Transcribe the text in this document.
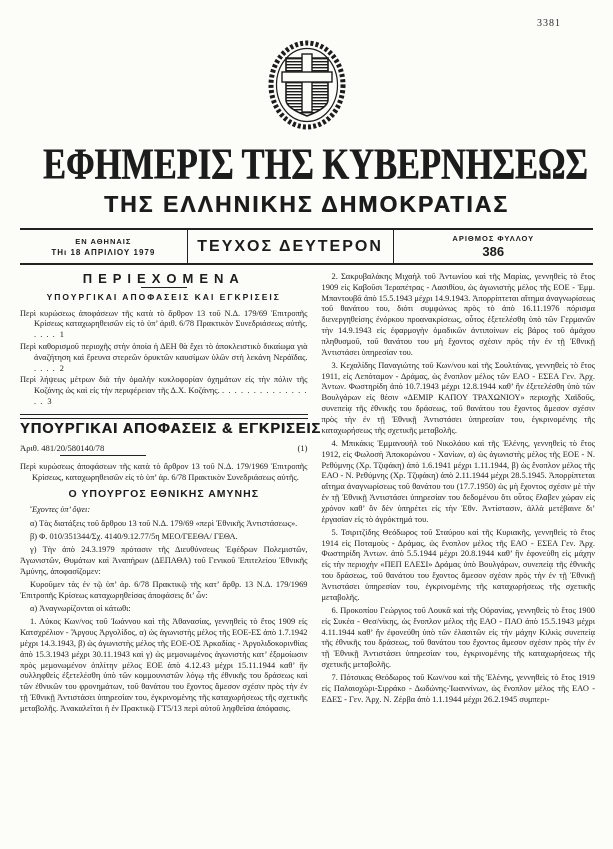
3381
ΕΦΗΜΕΡΙΣ ΤΗΣ ΚΥΒΕΡΝΗΣΕΩΣ
ΤΗΣ ΕΛΛΗΝΙΚΗΣ ΔΗΜΟΚΡΑΤΙΑΣ
ΕΝ ΑΘΗΝΑΙΣ
ΤΗι 18 ΑΠΡΙΛΙΟΥ 1979	ΤΕΥΧΟΣ ΔΕΥΤΕΡΟΝ	ΑΡΙΘΜΟΣ ΦΥΛΛΟΥ
386
ΠΕΡΙΕΧΟΜΕΝΑ
ΥΠΟΥΡΓΙΚΑΙ ΑΠΟΦΑΣΕΙΣ ΚΑΙ ΕΓΚΡΙΣΕΙΣ
Περὶ κυρώσεως ἀποφάσεων τῆς κατὰ τὸ ἄρθρον 13 τοῦ Ν.Δ. 179/69 Ἐπιτροπῆς Κρίσεως καταχωρηθεισῶν εἰς τὸ ὑπ’ ἀριθ. 6/78 Πρακτικὸν Συνεδριάσεως αὐτῆς. . . . . 1
Περὶ καθορισμοῦ περιοχῆς στὴν ὁποία ἡ ΔΕΗ θὰ ἔχει τὸ ἀποκλειστικὸ δικαίωμα γιὰ ἀναζήτηση καὶ ἔρευνα στερεῶν ὀρυκτῶν καυσίμων ὑλῶν στὴ λεκάνη Νεράϊδας. . . . . 2
Περὶ λήψεως μέτρων διὰ τὴν ὁμαλὴν κυκλοφορίαν ὀχημάτων εἰς τὴν πόλιν τῆς Κοζάνης ὡς καὶ εἰς τὴν περιφέρειαν τῆς Δ.Χ. Κοζάνης. . . . . . . . . . . . . . . . . 3
ΥΠΟΥΡΓΙΚΑΙ ΑΠΟΦΑΣΕΙΣ & ΕΓΚΡΙΣΕΙΣ
Ἀριθ. 481/20/580140/78	(1)

Περὶ κυρώσεως ἀποφάσεων τῆς κατὰ τὸ ἄρθρον 13 τοῦ Ν.Δ. 179/1969 Ἐπιτροπῆς Κρίσεως, καταχωρηθεισῶν εἰς τὸ ὑπ’ ἀρ. 6/78 Πρακτικὸν Συνεδριάσεως αὐτῆς.

Ο ΥΠΟΥΡΓΟΣ ΕΘΝΙΚΗΣ ΑΜΥΝΗΣ

Ἔχοντες ὑπ’ ὄψει:

α) Τὰς διατάξεις τοῦ ἄρθρου 13 τοῦ Ν.Δ. 179/69 «περὶ Ἐθνικῆς Ἀντιστάσεως».

β) Φ. 010/351344/Σχ. 4140/9.12.77/5η ΜΕΟ/ΓΕΕΘΑ/ ΓΕΘΑ.

γ) Τὴν ἀπὸ 24.3.1979 πρότασιν τῆς Διευθύνσεως Ἐφέδρων Πολεμιστῶν, Ἀγωνιστῶν, Θυμάτων καὶ Ἀναπήρων (ΔΕΠΑΘΑ) τοῦ Γενικοῦ Ἐπιτελείου Ἐθνικῆς Ἀμύνης, ἀποφασίζομεν:

Κυροῦμεν τὰς ἐν τῷ ὑπ’ ἀρ. 6/78 Πρακτικῷ τῆς κατ’ ἄρθρ. 13 Ν.Δ. 179/1969 Ἐπιτροπῆς Κρίσεως καταχωρηθείσας ἀποφάσεις δι’ ὧν:

α) Ἀναγνωρίζονται οἱ κάτωθι:

1. Λύκος Κων/νος τοῦ Ἰωάννου καὶ τῆς Ἀθανασίας, γεννηθεὶς τὸ ἔτος 1909 εἰς Κατσχρέλιον - Ἄργους Ἀργολίδος, α) ὡς ἀγωνιστὴς μέλος τῆς ΕΟΕ-ΕΣ ἀπὸ 1.7.1942 μέχρι 14.3.1943, β) ὡς ἀγωνιστὴς μέλος τῆς ΕΟΕ-ΟΣ Ἀρκαδίας - Ἀργολιδοκορινθίας ἀπὸ 15.3.1943 μέχρι 30.11.1943 καὶ γ) ὡς μεμονωμένος ἀγωνιστὴς κατ’ ἐξομοίωσιν πρὸς μεμονωμένον ὁπλίτην μέλος ΕΟΕ ἀπὸ 4.12.43 μέχρι 15.11.1944 καθ’ ἣν συλληφθεὶς ἐξετελέσθη ὑπὸ τῶν κομμουνιστῶν λόγῳ τῆς ἐθνικῆς του δράσεως καὶ τῶν ἐθνικῶν του φρονημάτων, τοῦ θανάτου του ἔχοντος ἄμεσον σχέσιν πρὸς τὴν ἐν τῇ Ἐθνικῇ Ἀντιστάσει ὑπηρεσίαν του, ἐγκρινομένης τῆς καταχωρήσεως τῆς σχετικῆς μεταβολῆς. Ἀνακαλεῖται ἡ ἐν Πρακτικῷ ΓΤ5/13 περὶ αὐτοῦ ληφθεῖσα ἀπόφασις.

2. Σακρυβαλάκης Μιχαὴλ τοῦ Ἀντωνίου καὶ τῆς Μαρίας, γεννηθεὶς τὸ ἔτος 1909 εἰς Καβοῦσι Ἱεραπέτρας - Λασιθίου, ὡς ἀγωνιστὴς μέλος τῆς ΕΟΕ - Ἐμμ. Μπαντουβᾶ ἀπὸ 15.5.1943 μέχρι 14.9.1943. Ἀπορρίπτεται αἴτημα ἀναγνωρίσεως τοῦ θανάτου του, διότι συμφώνως πρὸς τὸ ἀπὸ 16.11.1976 πόρισμα διενεργηθείσης ἐνόρκου προανακρίσεως, οὗτος ἐξετελέσθη ὑπὸ τῶν Γερμανῶν τὴν 14.9.1943 εἰς ἐφαρμογὴν ὁμαδικῶν ἀντιποίνων εἰς βάρος τοῦ ἀμάχου πληθυσμοῦ, τοῦ θανάτου του μὴ ἔχοντος σχέσιν πρὸς τὴν ἐν τῇ Ἐθνικῇ Ἀντιστάσει ὑπηρεσίαν του.

3. Κεχαλίδης Παναγιώτης τοῦ Κων/νου καὶ τῆς Σουλτάνας, γεννηθεὶς τὸ ἔτος 1911, εἰς Λεπόταμον - Δράμας, ὡς ἔνοπλον μέλος τῶν ΕΑΟ - ΕΣΕΑ Γεν. Ἀρχ. Ἀντων. Φωστηρίδη ἀπὸ 10.7.1943 μέχρι 12.8.1944 καθ’ ἣν ἐξετελέσθη ὑπὸ τῶν Βουλγάρων εἰς θέσιν «ΔΕΜΙΡ ΚΑΠΟΥ ΤΡΑΧΩΝΙΟΥ» περιοχῆς Χαϊδοῦς, συνεπείᾳ τῆς ἐθνικῆς του δράσεως, τοῦ θανάτου του ἔχοντος ἄμεσον σχέσιν πρὸς τὴν ἐν τῇ Ἐθνικῇ Ἀντιστάσει ὑπηρεσίαν του, ἐγκρινομένης τῆς καταχωρήσεως τῆς σχετικῆς μεταβολῆς.

4. Μπικάκις Ἐμμανουὴλ τοῦ Νικολάου καὶ τῆς Ἑλένης, γεννηθεὶς τὸ ἔτος 1912, εἰς Φωλοσὴ Ἀποκορώνου - Χανίων, α) ὡς ἀγωνιστὴς μέλος τῆς ΕΟΕ - Ν. Ρεθύμνης (Χρ. Τζιφάκη) ἀπὸ 1.6.1941 μέχρι 1.11.1944, β) ὡς ἔνοπλον μέλος τῆς ΕΑΟ - Ν. Ρεθύμνης (Χρ. Τζιφάκη) ἀπὸ 2.11.1944 μέχρι 28.5.1945. Ἀπορρίπτεται αἴτημα ἀναγνωρίσεως τοῦ θανάτου του (17.7.1950) ὡς μὴ ἔχοντος σχέσιν μὲ τὴν ἐν τῇ Ἐθνικῇ Ἀντιστάσει ὑπηρεσίαν του δεδομένου ὅτι οὗτος ἔλαβεν χώραν εἰς χρόνον καθ’ ὃν δὲν ὑπηρέτει εἰς τὴν Ἐθν. Ἀντίστασιν, ἀλλὰ μετέβαινε δι’ ἐργασίαν εἰς τὸ ἀγρόκτημά του.

5. Τσιριτζίδης Θεόδωρος τοῦ Σταύρου καὶ τῆς Κυριακῆς, γεννηθεὶς τὸ ἔτος 1914 εἰς Ποταμοὺς - Δράμας, ὡς ἔνοπλον μέλος τῆς ΕΑΟ - ΕΣΕΑ Γεν. Ἀρχ. Φωστηρίδη Ἀντων. ἀπὸ 5.5.1944 μέχρι 20.8.1944 καθ’ ἣν ἐφονεύθη εἰς μάχην εἰς τὴν περιοχὴν «ΠΕΠ ΕΛΕΣΙ» Δράμας ὑπὸ Βουλγάρων, συνεπείᾳ τῆς ἐθνικῆς του δράσεως, τοῦ θανάτου του ἔχοντος ἄμεσον σχέσιν πρὸς τὴν ἐν τῇ Ἐθνικῇ Ἀντιστάσει ὑπηρεσίαν του, ἐγκρινομένης τῆς καταχωρήσεως τῆς σχετικῆς μεταβολῆς.

6. Προκοπίου Γεώργιος τοῦ Λουκᾶ καὶ τῆς Οὐρανίας, γεννηθεὶς τὸ ἔτος 1900 εἰς Συκέα - Θεσ/νίκης, ὡς ἔνοπλον μέλος τῆς ΕΑΟ - ΠΑΟ ἀπὸ 15.5.1943 μέχρι 4.11.1944 καθ’ ἣν ἐφονεύθη ὑπὸ τῶν ἐλασιτῶν εἰς τὴν μάχην Κιλκὶς συνεπείᾳ τῆς ἐθνικῆς του δράσεως, τοῦ θανάτου του ἔχοντος ἄμεσον σχέσιν πρὸς τὴν ἐν τῇ Ἐθνικῇ Ἀντιστάσει ὑπηρεσίαν του, ἐγκρινομένης τῆς καταχωρήσεως τῆς σχετικῆς μεταβολῆς.

7. Πότσικας Θεόδωρος τοῦ Κων/νου καὶ τῆς Ἑλένης, γεννηθεὶς τὸ ἔτος 1919 εἰς Παλαιοχώρι-Σιρράκο - Δωδώνης-Ἰωαννίνων, ὡς ἔνοπλον μέλος τῆς ΕΑΟ - ΕΔΕΣ - Γεν. Ἀρχ. Ν. Ζέρβα ἀπὸ 1.1.1944 μέχρι 26.2.1945 συμπερι-
